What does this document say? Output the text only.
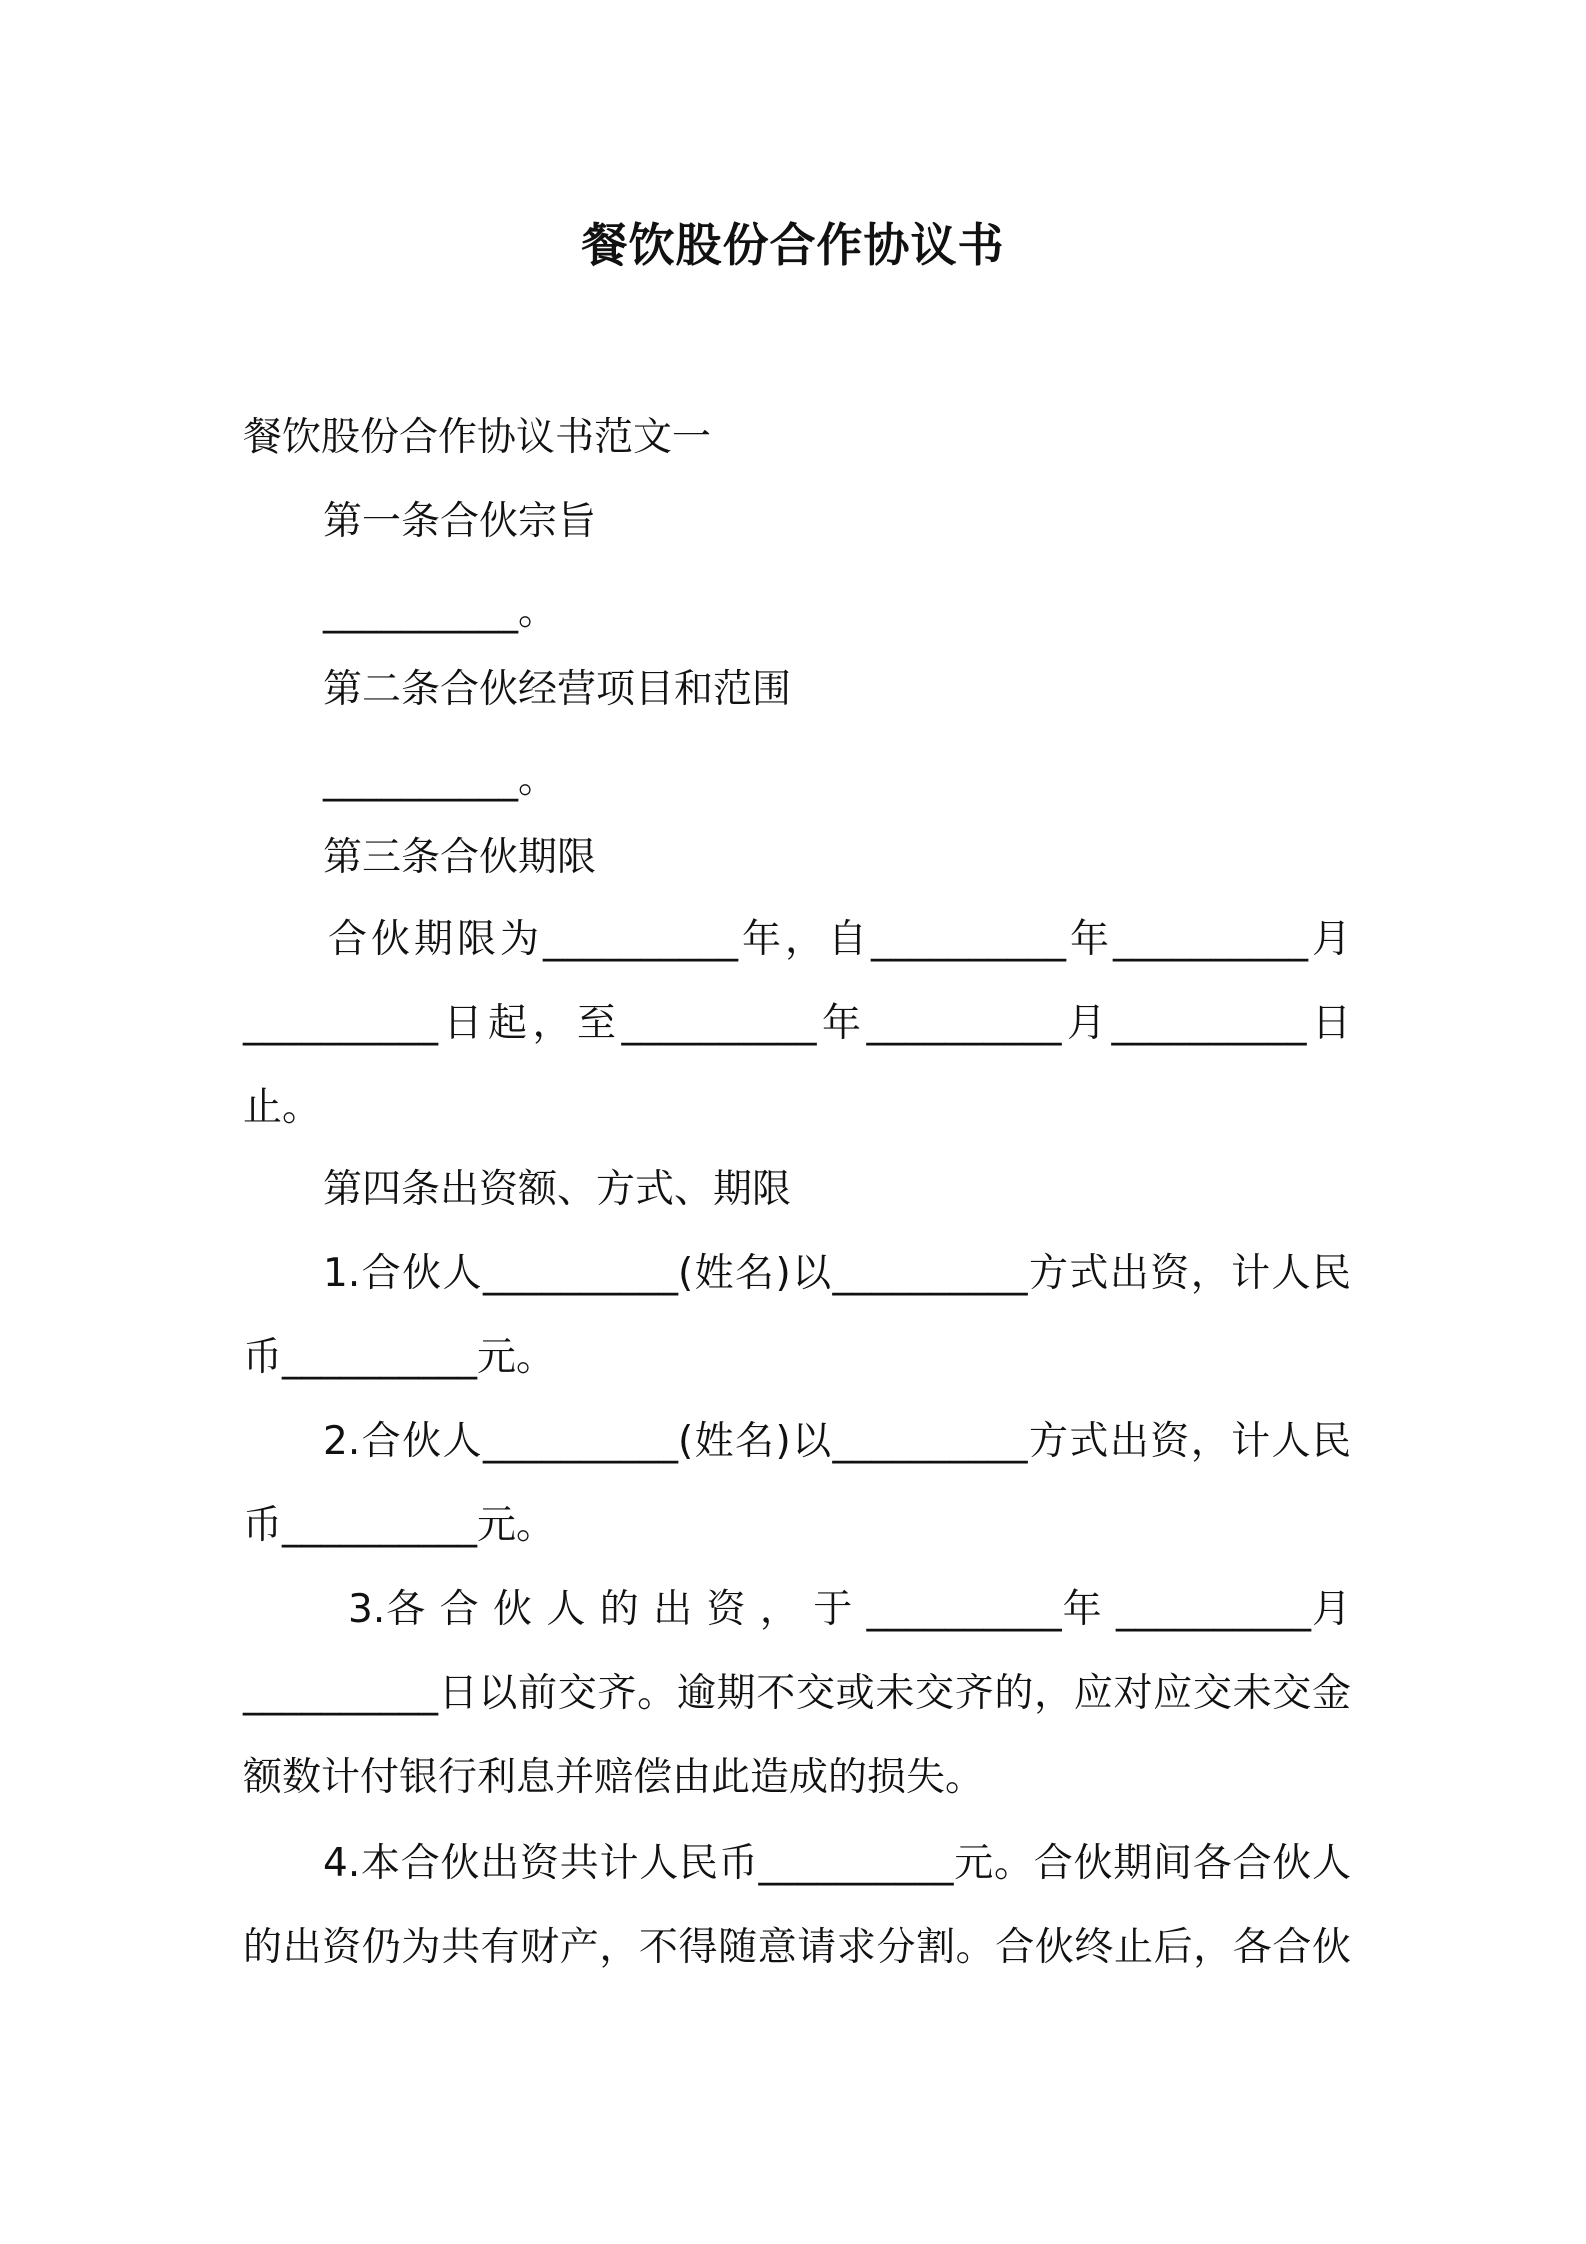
餐饮股份合作协议书
餐饮股份合作协议书范文一
第一条合伙宗旨
__________。
第二条合伙经营项目和范围
__________。
第三条合伙期限
合伙期限为__________年，自__________年__________月
__________日起，至__________年__________月__________日
止。
第四条出资额、方式、期限
1.合伙人__________(姓名)以__________方式出资，计人民
币__________元。
2.合伙人__________(姓名)以__________方式出资，计人民
币__________元。
3.各 合 伙 人 的 出 资 ， 于 __________年 __________月
__________日以前交齐。逾期不交或未交齐的，应对应交未交金
额数计付银行利息并赔偿由此造成的损失。
4.本合伙出资共计人民币__________元。合伙期间各合伙人
的出资仍为共有财产，不得随意请求分割。合伙终止后，各合伙
